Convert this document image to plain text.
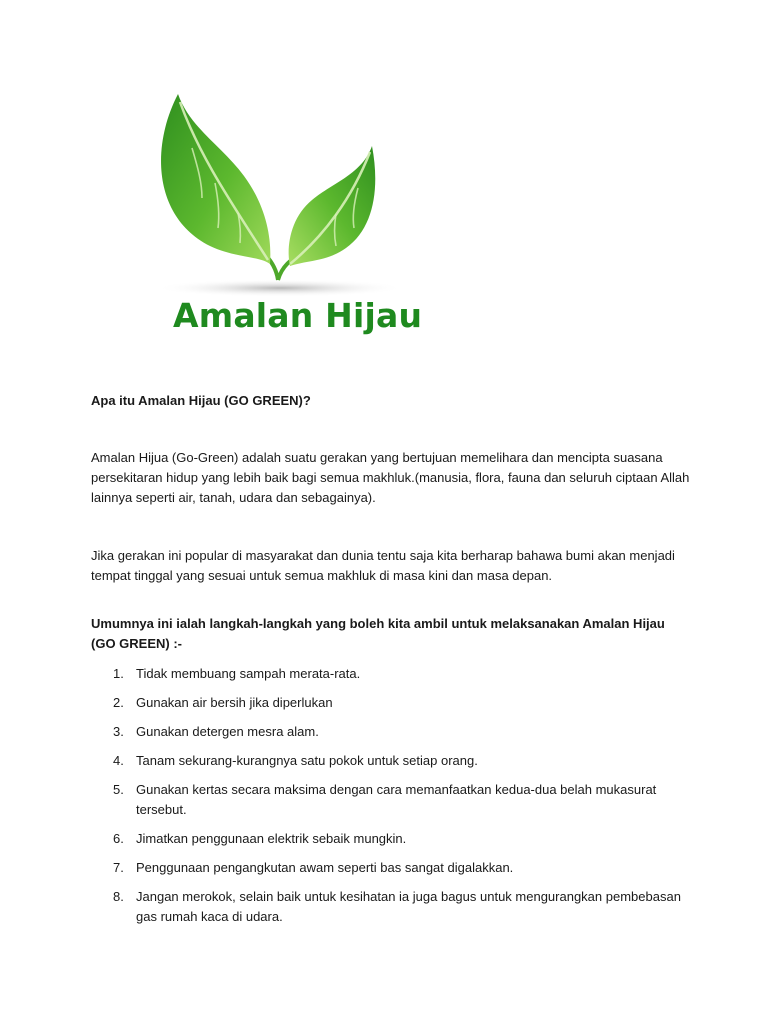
Amalan Hijau

Apa itu Amalan Hijau (GO GREEN)?

Amalan Hijua (Go-Green) adalah suatu gerakan yang bertujuan memelihara dan mencipta suasana persekitaran hidup yang lebih baik bagi semua makhluk.(manusia, flora, fauna dan seluruh ciptaan Allah lainnya seperti air, tanah, udara dan sebagainya).

Jika gerakan ini popular di masyarakat dan dunia tentu saja kita berharap bahawa bumi akan menjadi tempat tinggal yang sesuai untuk semua makhluk di masa kini dan masa depan.

Umumnya ini ialah langkah-langkah yang boleh kita ambil untuk melaksanakan Amalan Hijau (GO GREEN) :-

1. Tidak membuang sampah merata-rata.
2. Gunakan air bersih jika diperlukan
3. Gunakan detergen mesra alam.
4. Tanam sekurang-kurangnya satu pokok untuk setiap orang.
5. Gunakan kertas secara maksima dengan cara memanfaatkan kedua-dua belah mukasurat tersebut.
6. Jimatkan penggunaan elektrik sebaik mungkin.
7. Penggunaan pengangkutan awam seperti bas sangat digalakkan.
8. Jangan merokok, selain baik untuk kesihatan ia juga bagus untuk mengurangkan pembebasan gas rumah kaca di udara.
